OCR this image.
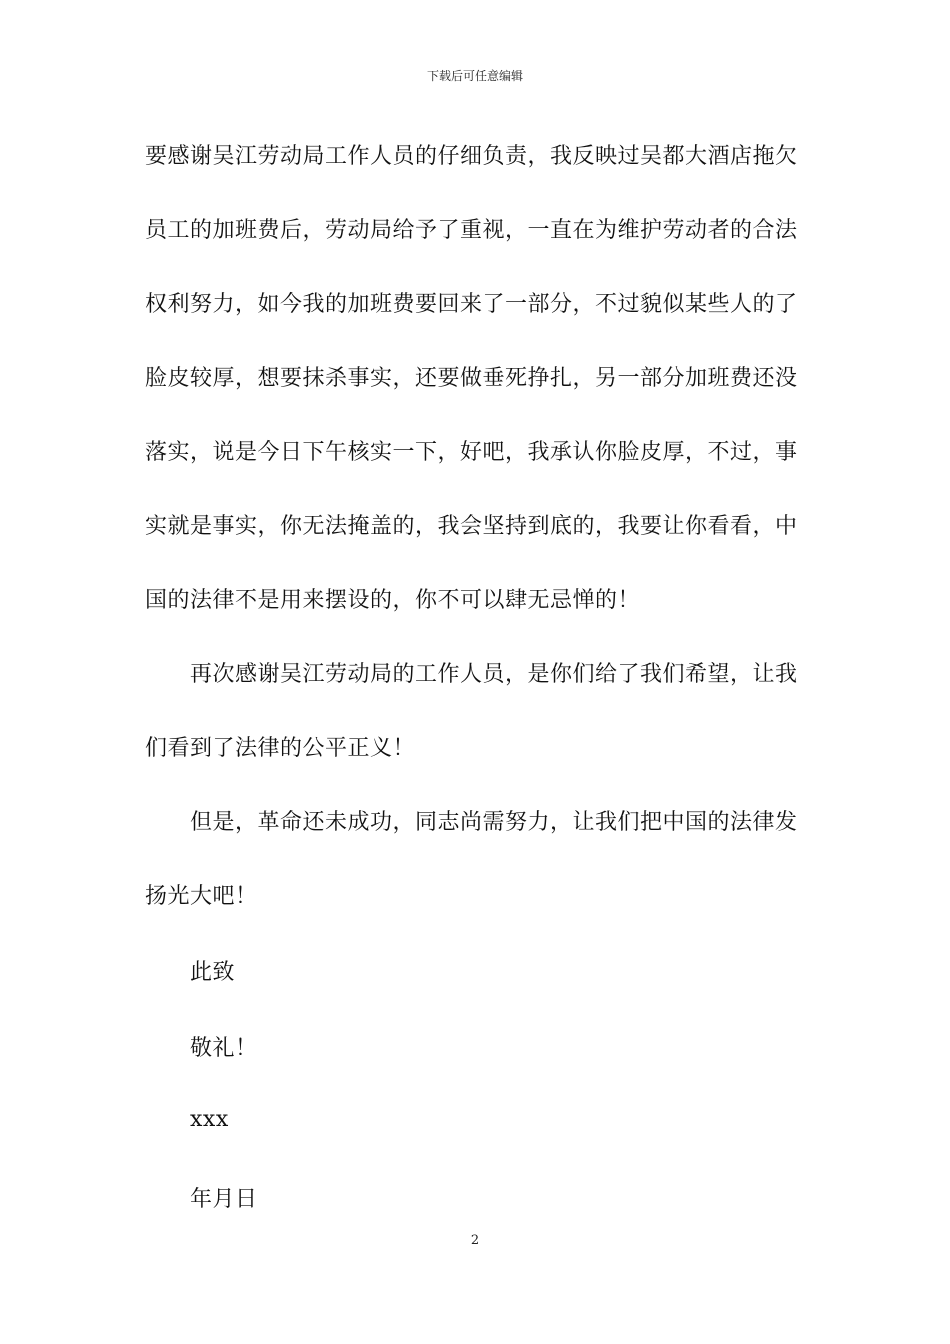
下载后可任意编辑
要感谢吴江劳动局工作人员的仔细负责，我反映过吴都大酒店拖欠
员工的加班费后，劳动局给予了重视，一直在为维护劳动者的合法
权利努力，如今我的加班费要回来了一部分，不过貌似某些人的了
脸皮较厚，想要抹杀事实，还要做垂死挣扎，另一部分加班费还没
落实，说是今日下午核实一下，好吧，我承认你脸皮厚，不过，事
实就是事实，你无法掩盖的，我会坚持到底的，我要让你看看，中
国的法律不是用来摆设的，你不可以肆无忌惮的！
再次感谢吴江劳动局的工作人员，是你们给了我们希望，让我
们看到了法律的公平正义！
但是，革命还未成功，同志尚需努力，让我们把中国的法律发
扬光大吧！
此致
敬礼！
xxx
年月日
2
